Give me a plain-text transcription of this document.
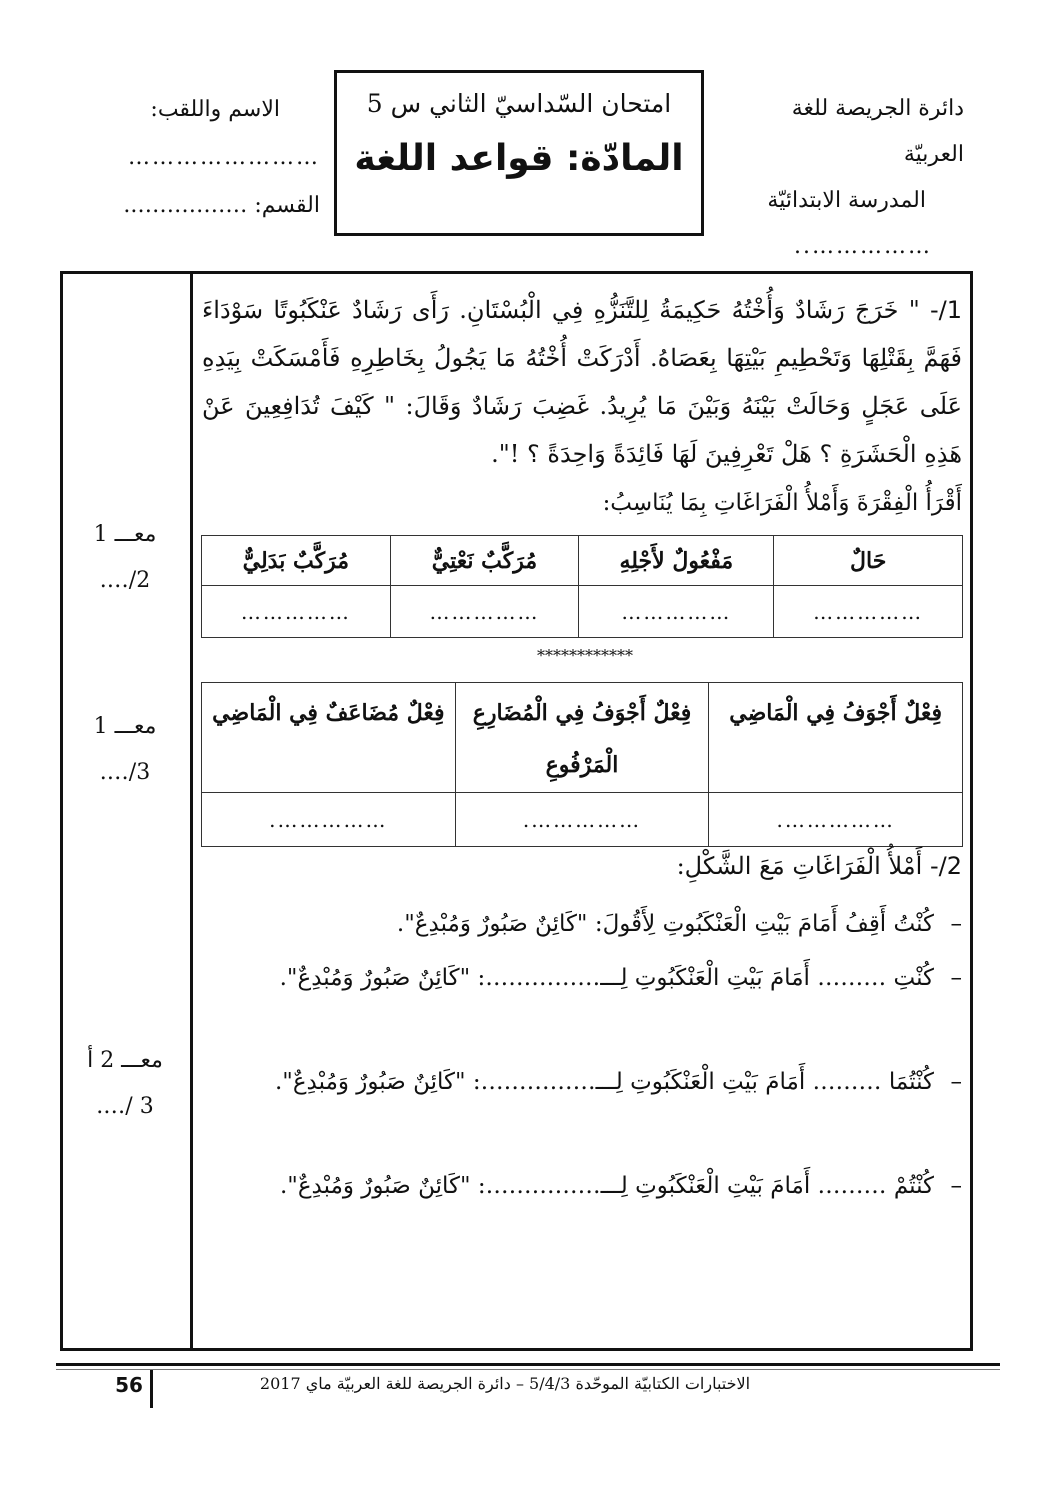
دائرة الجريصة للغة العربيّة
المدرسة الابتدائيّة
……………..
امتحان السّداسيّ الثاني س 5
المادّة: قواعد اللغة
الاسم واللقب:
……………………
القسم: ……………..
معـــ 1
2/….
معـــ 1
3/….
معـــ 2 أ
3 /….
1/- " خَرَجَ رَشَادٌ وَأُخْتُهُ حَكِيمَةُ لِلتَّنَزُّهِ فِي الْبُسْتَانِ. رَأَى رَشَادٌ عَنْكَبُوتًا سَوْدَاءَ فَهَمَّ بِقَتْلِهَا وَتَحْطِيمِ بَيْتِهَا بِعَصَاهُ. أَدْرَكَتْ أُخْتُهُ مَا يَجُولُ بِخَاطِرِهِ فَأَمْسَكَتْ بِيَدِهِ عَلَى عَجَلٍ وَحَالَتْ بَيْنَهُ وَبَيْنَ مَا يُرِيدُ. غَضِبَ رَشَادٌ وَقَالَ: " كَيْفَ تُدَافِعِينَ عَنْ هَذِهِ الْحَشَرَةِ ؟ هَلْ تَعْرِفِينَ لَهَا فَائِدَةً وَاحِدَةً ؟ !".
أَقْرَأُ الْفِقْرَةَ وَأَمْلأُ الْفَرَاغَاتِ بِمَا يُنَاسِبُ:
حَالٌ	مَفْعُولٌ لأَجْلِهِ	مُرَكَّبٌ نَعْتِيٌّ	مُرَكَّبٌ بَدَلِيٌّ
……………	……………	……………	……………
************
فِعْلٌ أَجْوَفُ فِي الْمَاضِي	فِعْلٌ أَجْوَفُ فِي الْمُضَارِعِ الْمَرْفُوعِ	فِعْلٌ مُضَاعَفٌ فِي الْمَاضِي
…………….	…………….	…………….
2/- أَمْلأُ الْفَرَاغَاتِ مَعَ الشَّكْلِ:
–
كُنْتُ أَقِفُ أَمَامَ بَيْتِ الْعَنْكَبُوتِ لِأَقُولَ: "كَائِنٌ صَبُورٌ وَمُبْدِعٌ".
–
كُنْتِ ……… أَمَامَ بَيْتِ الْعَنْكَبُوتِ لِـــ……………: "كَائِنٌ صَبُورٌ وَمُبْدِعٌ".
–
كُنْتُمَا ……… أَمَامَ بَيْتِ الْعَنْكَبُوتِ لِـــ……………: "كَائِنٌ صَبُورٌ وَمُبْدِعٌ".
–
كُنْتُمْ ……… أَمَامَ بَيْتِ الْعَنْكَبُوتِ لِـــ……………: "كَائِنٌ صَبُورٌ وَمُبْدِعٌ".
الاختبارات الكتابيّة الموحّدة 5/4/3 – دائرة الجريصة للغة العربيّة ماي 2017
56
